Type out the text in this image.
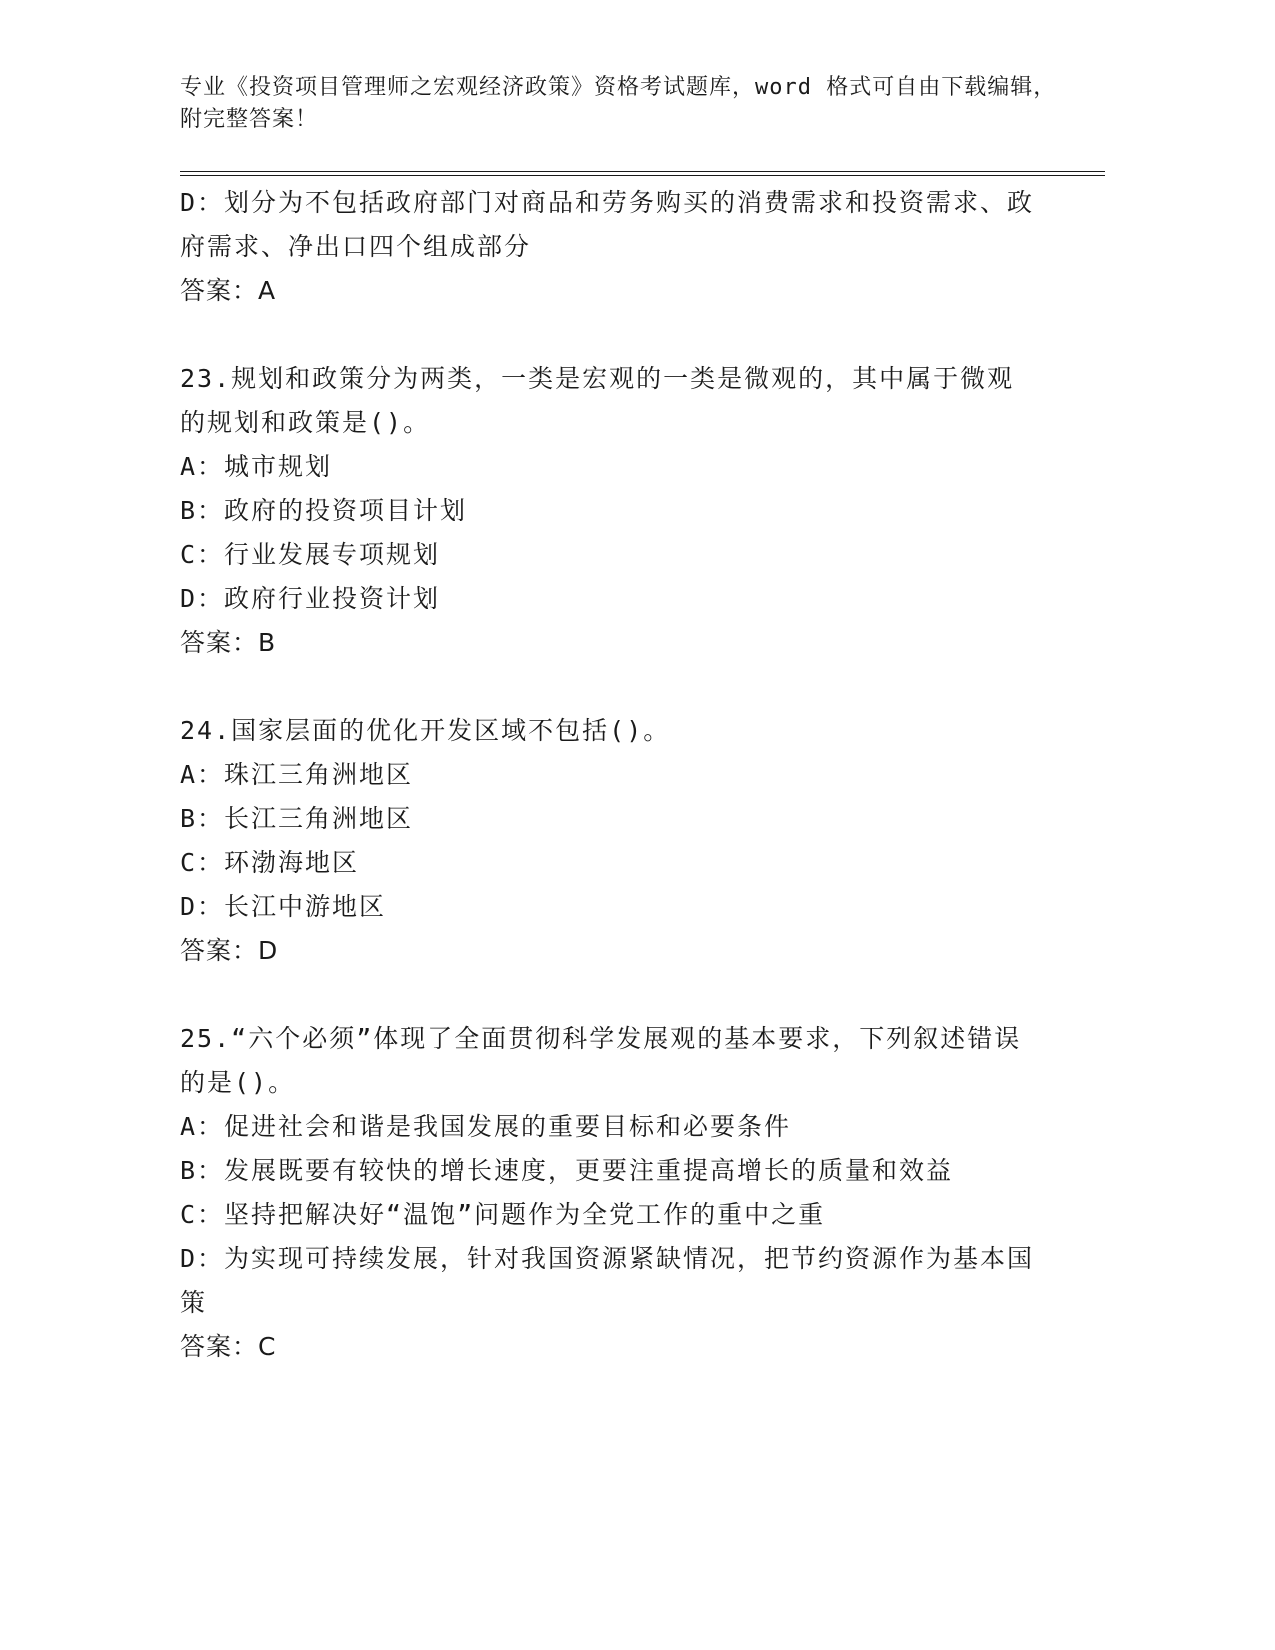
专业《投资项目管理师之宏观经济政策》资格考试题库，word 格式可自由下载编辑，附完整答案！
D：划分为不包括政府部门对商品和劳务购买的消费需求和投资需求、政府需求、净出口四个组成部分
答案：A
23.规划和政策分为两类，一类是宏观的一类是微观的，其中属于微观的规划和政策是()。
A：城市规划
B：政府的投资项目计划
C：行业发展专项规划
D：政府行业投资计划
答案：B
24.国家层面的优化开发区域不包括()。
A：珠江三角洲地区
B：长江三角洲地区
C：环渤海地区
D：长江中游地区
答案：D
25.“六个必须”体现了全面贯彻科学发展观的基本要求，下列叙述错误的是()。
A：促进社会和谐是我国发展的重要目标和必要条件
B：发展既要有较快的增长速度，更要注重提高增长的质量和效益
C：坚持把解决好“温饱”问题作为全党工作的重中之重
D：为实现可持续发展，针对我国资源紧缺情况，把节约资源作为基本国策
答案：C
